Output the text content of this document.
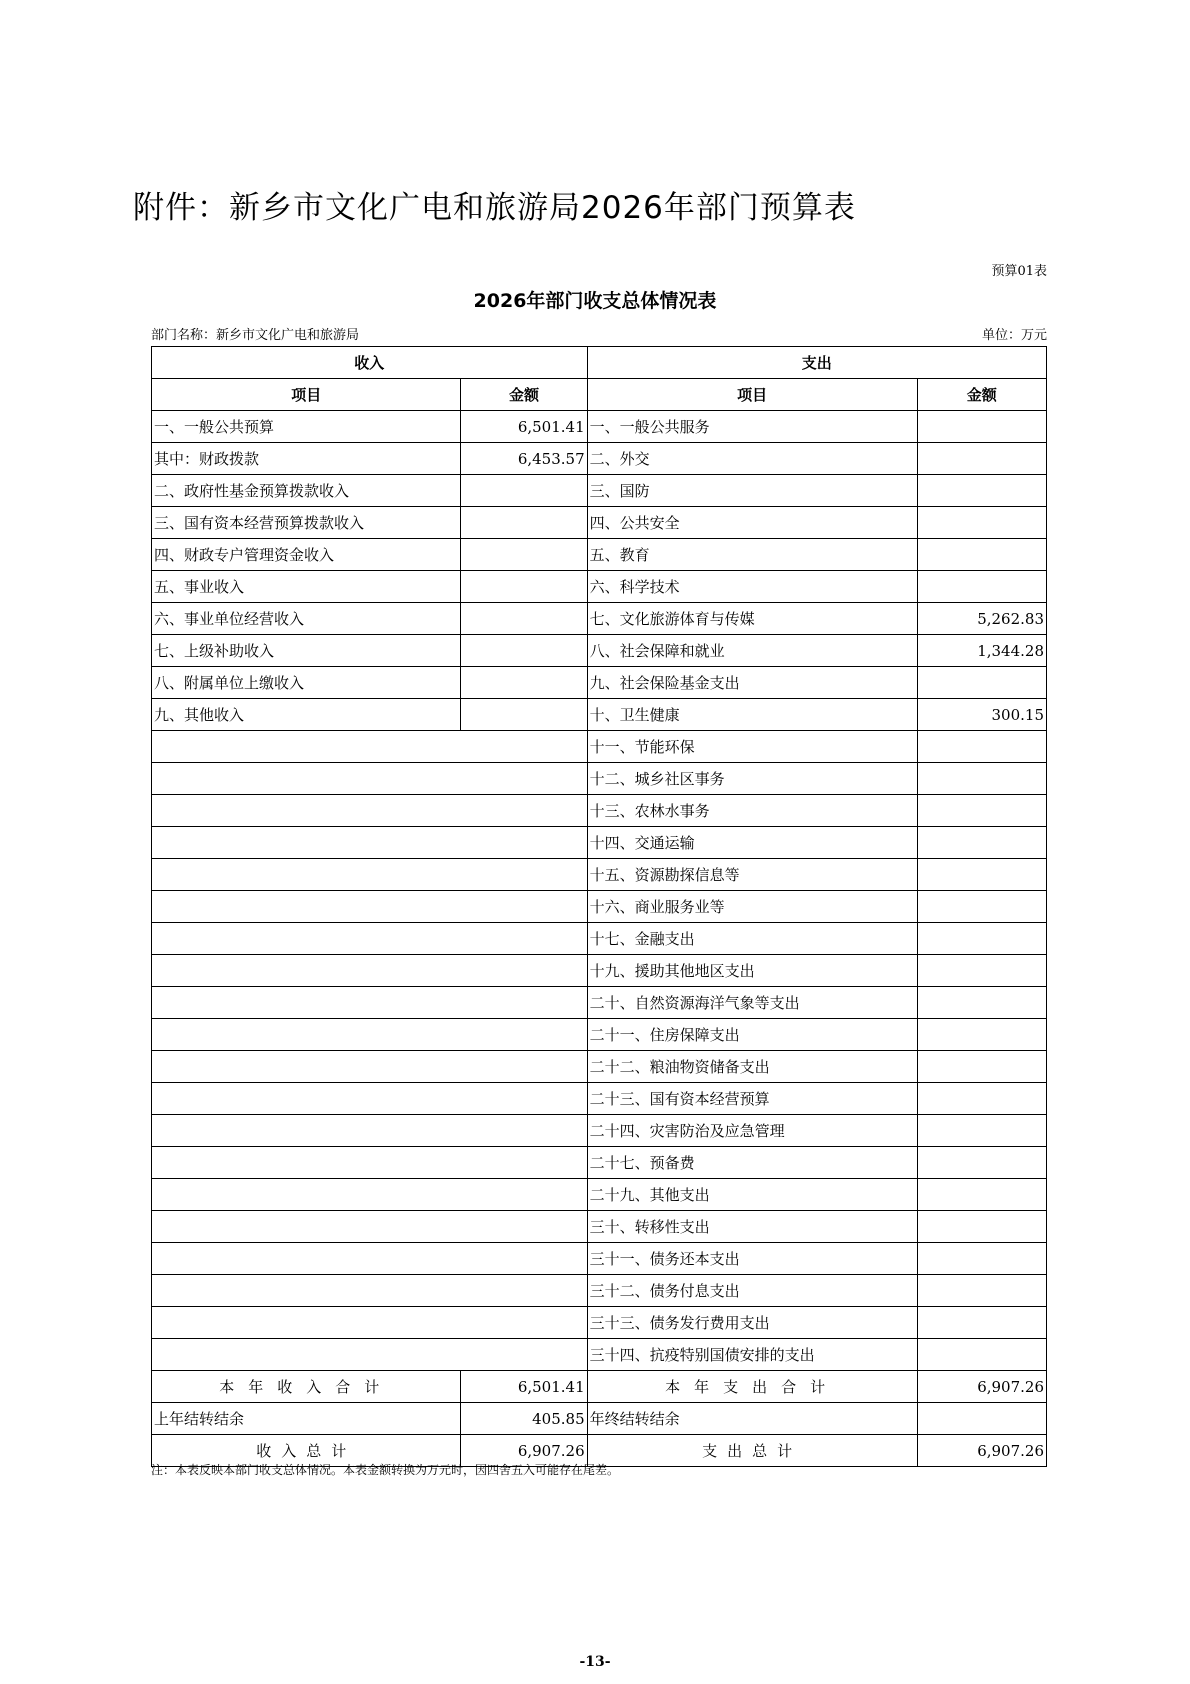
附件：新乡市文化广电和旅游局2026年部门预算表
预算01表
2026年部门收支总体情况表
部门名称：新乡市文化广电和旅游局	单位：万元
收入		支出	
项目	金额	项目	金额
一、一般公共预算	6,501.41	一、一般公共服务	
其中：财政拨款	6,453.57	二、外交	
二、政府性基金预算拨款收入		三、国防	
三、国有资本经营预算拨款收入		四、公共安全	
四、财政专户管理资金收入		五、教育	
五、事业收入		六、科学技术	
六、事业单位经营收入		七、文化旅游体育与传媒	5,262.83
七、上级补助收入		八、社会保障和就业	1,344.28
八、附属单位上缴收入		九、社会保险基金支出	
九、其他收入		十、卫生健康	300.15
		十一、节能环保	
		十二、城乡社区事务	
		十三、农林水事务	
		十四、交通运输	
		十五、资源勘探信息等	
		十六、商业服务业等	
		十七、金融支出	
		十九、援助其他地区支出	
		二十、自然资源海洋气象等支出	
		二十一、住房保障支出	
		二十二、粮油物资储备支出	
		二十三、国有资本经营预算	
		二十四、灾害防治及应急管理	
		二十七、预备费	
		二十九、其他支出	
		三十、转移性支出	
		三十一、债务还本支出	
		三十二、债务付息支出	
		三十三、债务发行费用支出	
		三十四、抗疫特别国债安排的支出	
本年收入合计	6,501.41	本年支出合计	6,907.26
上年结转结余	405.85	年终结转结余	
收入总计	6,907.26	支出总计	6,907.26
注：本表反映本部门收支总体情况。本表金额转换为万元时，因四舍五入可能存在尾差。
-13-
